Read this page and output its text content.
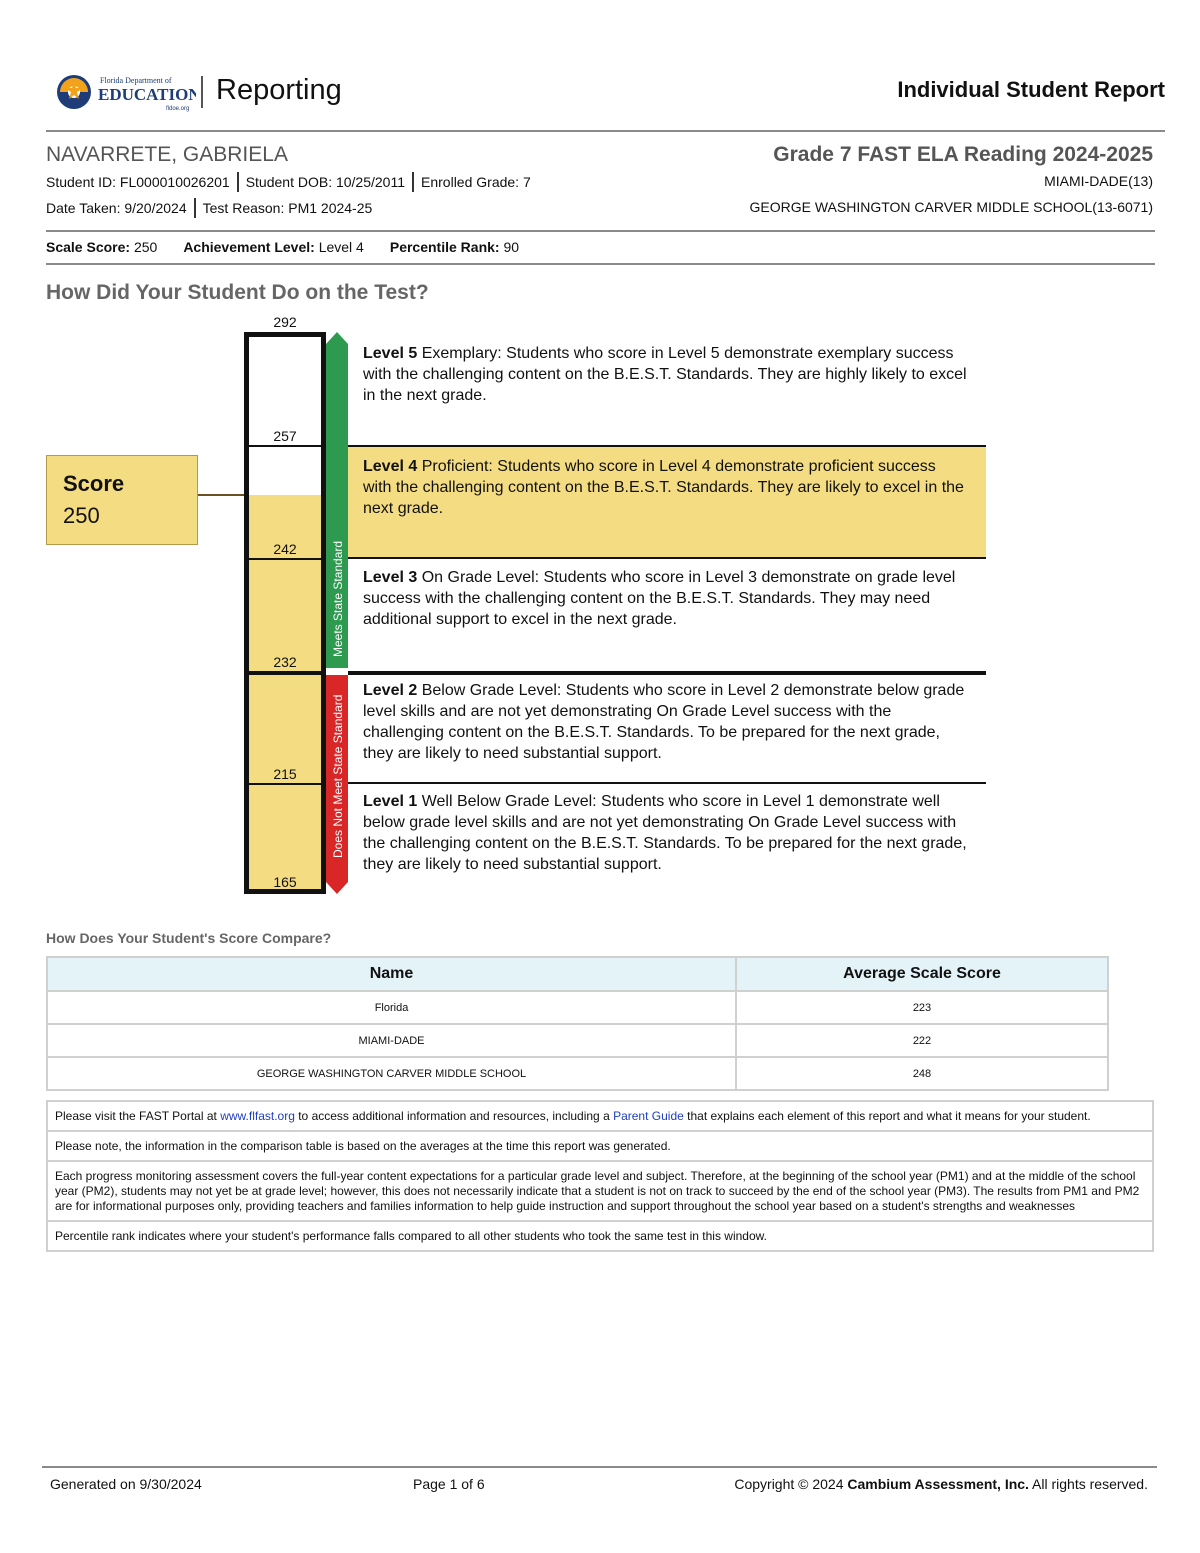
Florida Department of
EDUCATION
fldoe.org
Reporting	Individual Student Report
NAVARRETE, GABRIELA	Grade 7 FAST ELA Reading 2024-2025
Student ID: FL000010026201 Student DOB: 10/25/2011 Enrolled Grade: 7
Date Taken: 9/20/2024 Test Reason: PM1 2024-25
MIAMI-DADE(13)
GEORGE WASHINGTON CARVER MIDDLE SCHOOL(13-6071)
Scale Score: 250 Achievement Level: Level 4 Percentile Rank: 90
How Did Your Student Do on the Test?
292
257
242
232
215
165
Score
250
Meets State Standard
Does Not Meet State Standard
Level 5 Exemplary: Students who score in Level 5 demonstrate exemplary success with the challenging content on the B.E.S.T. Standards. They are highly likely to excel in the next grade.
Level 4 Proficient: Students who score in Level 4 demonstrate proficient success with the challenging content on the B.E.S.T. Standards. They are likely to excel in the next grade.
Level 3 On Grade Level: Students who score in Level 3 demonstrate on grade level success with the challenging content on the B.E.S.T. Standards. They may need additional support to excel in the next grade.
Level 2 Below Grade Level: Students who score in Level 2 demonstrate below grade level skills and are not yet demonstrating On Grade Level success with the challenging content on the B.E.S.T. Standards. To be prepared for the next grade, they are likely to need substantial support.
Level 1 Well Below Grade Level: Students who score in Level 1 demonstrate well below grade level skills and are not yet demonstrating On Grade Level success with the challenging content on the B.E.S.T. Standards. To be prepared for the next grade, they are likely to need substantial support.
How Does Your Student's Score Compare?
Name	Average Scale Score
Florida	223
MIAMI-DADE	222
GEORGE WASHINGTON CARVER MIDDLE SCHOOL	248
Please visit the FAST Portal at www.flfast.org to access additional information and resources, including a Parent Guide that explains each element of this report and what it means for your student.
Please note, the information in the comparison table is based on the averages at the time this report was generated.
Each progress monitoring assessment covers the full-year content expectations for a particular grade level and subject. Therefore, at the beginning of the school year (PM1) and at the middle of the school year (PM2), students may not yet be at grade level; however, this does not necessarily indicate that a student is not on track to succeed by the end of the school year (PM3). The results from PM1 and PM2 are for informational purposes only, providing teachers and families information to help guide instruction and support throughout the school year based on a student's strengths and weaknesses
Percentile rank indicates where your student's performance falls compared to all other students who took the same test in this window.
Generated on 9/30/2024	Page 1 of 6	Copyright © 2024 Cambium Assessment, Inc. All rights reserved.
